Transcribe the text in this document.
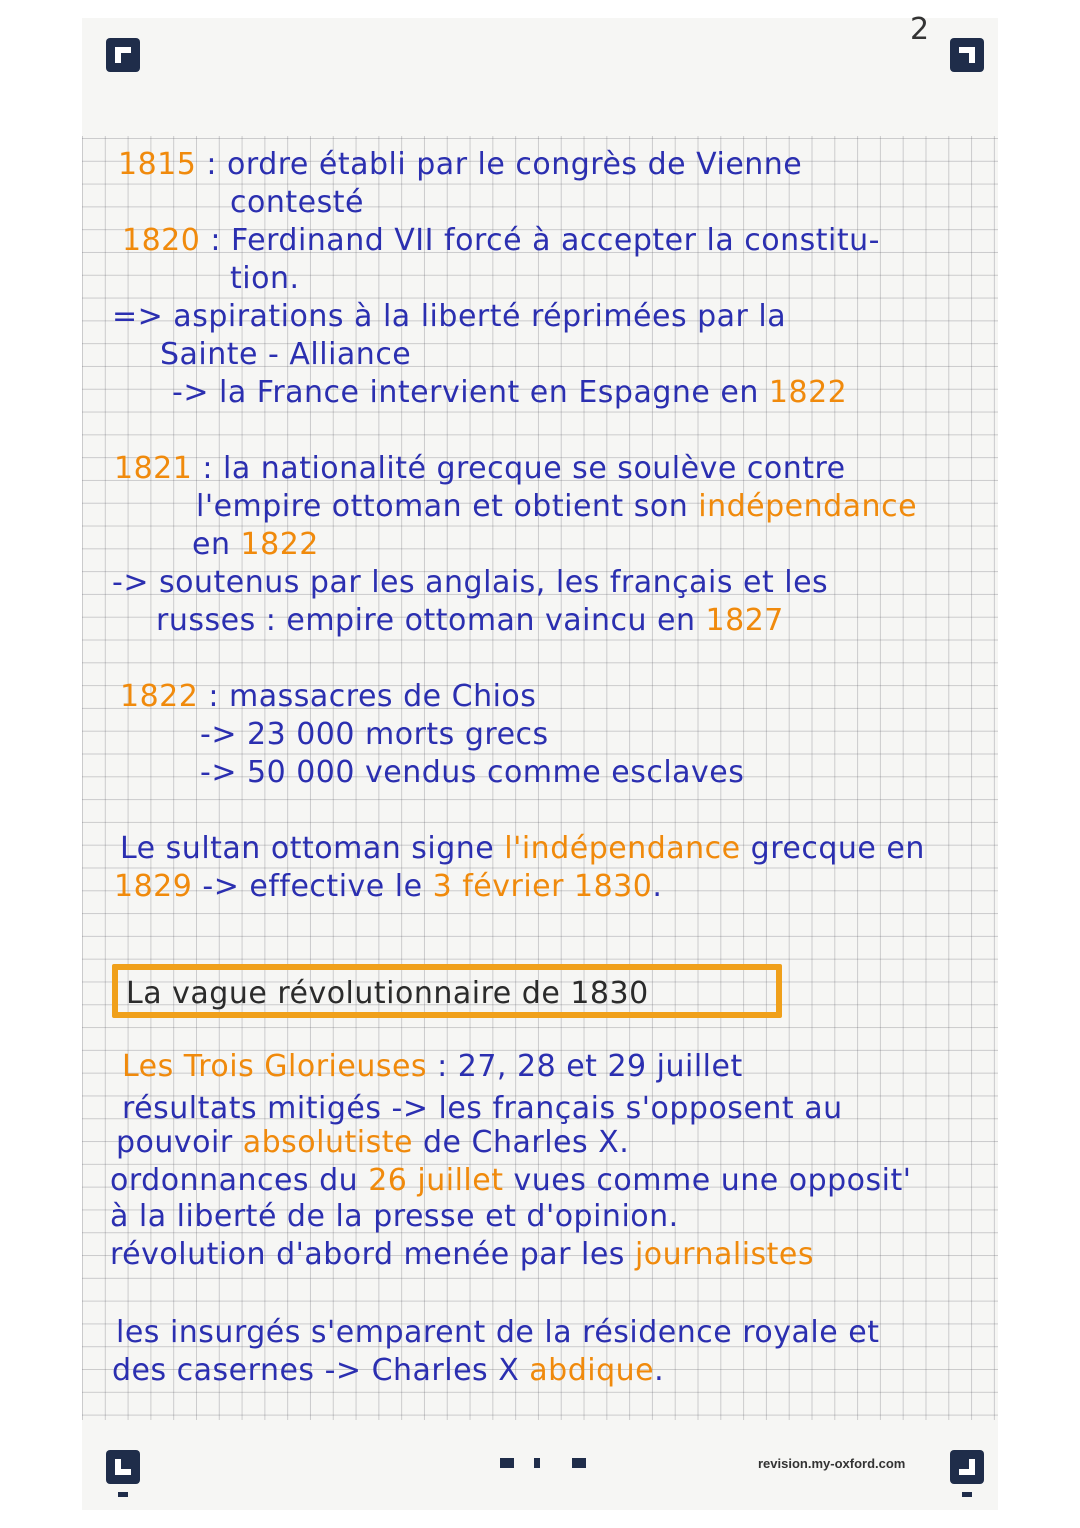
2
1815 : ordre établi par le congrès de Vienne
contesté
1820 : Ferdinand VII forcé à accepter la constitu-
tion.
=> aspirations à la liberté réprimées par la
Sainte - Alliance
-> la France intervient en Espagne en 1822
1821 : la nationalité grecque se soulève contre
l'empire ottoman et obtient son indépendance
en 1822
-> soutenus par les anglais, les français et les
russes : empire ottoman vaincu en 1827
1822 : massacres de Chios
-> 23 000 morts grecs
-> 50 000 vendus comme esclaves
Le sultan ottoman signe l'indépendance grecque en
1829 -> effective le 3 février 1830.
La vague révolutionnaire de 1830
Les Trois Glorieuses : 27, 28 et 29 juillet
résultats mitigés -> les français s'opposent au
pouvoir absolutiste de Charles X.
ordonnances du 26 juillet vues comme une opposit'
à la liberté de la presse et d'opinion.
révolution d'abord menée par les journalistes
les insurgés s'emparent de la résidence royale et
des casernes -> Charles X abdique.
revision.my-oxford.com
